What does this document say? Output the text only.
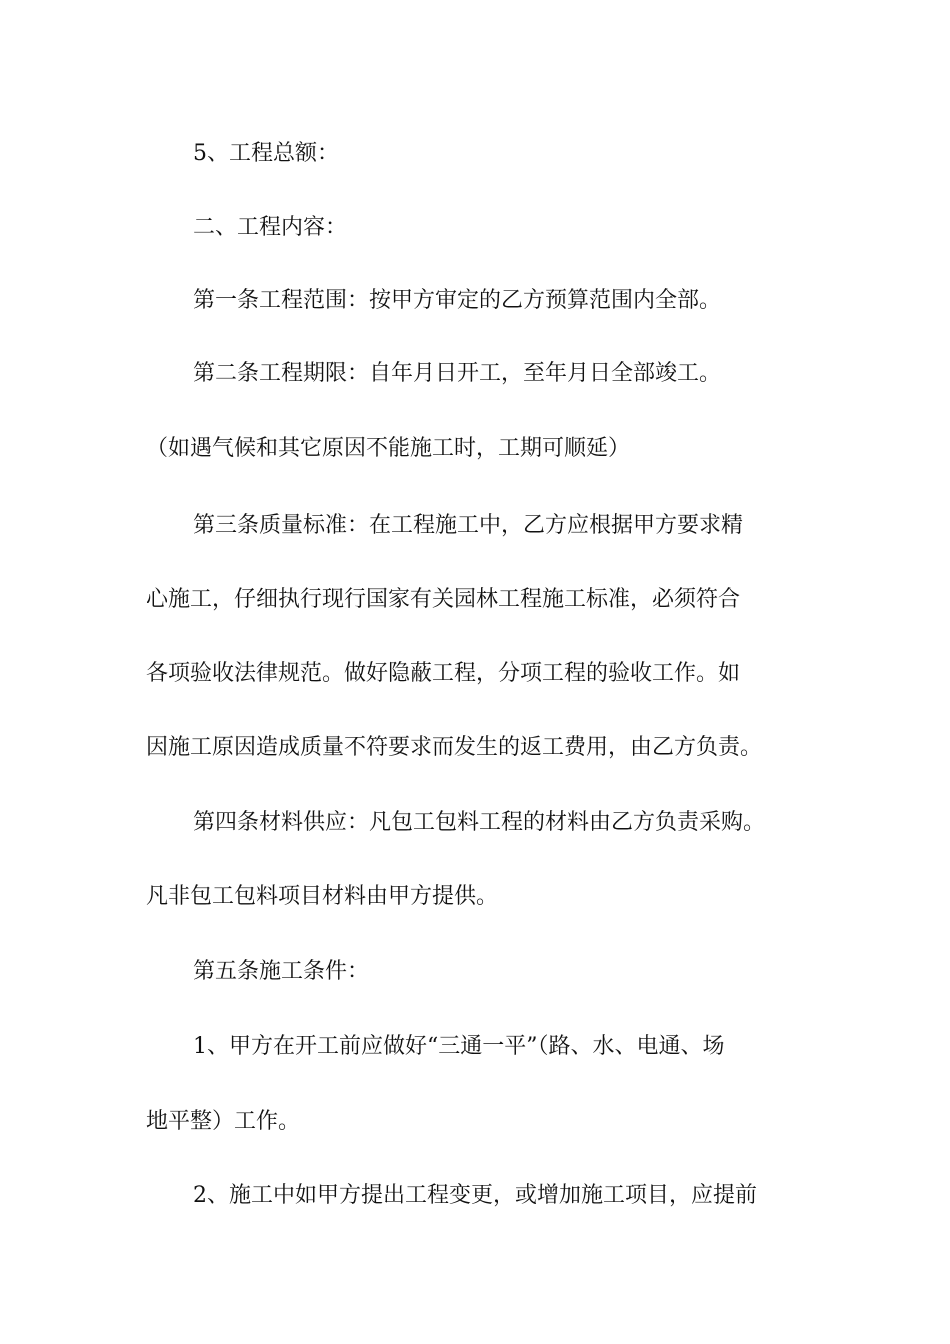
5、工程总额：

二、工程内容：

第一条工程范围：按甲方审定的乙方预算范围内全部。

第二条工程期限：自年月日开工，至年月日全部竣工。

（如遇气候和其它原因不能施工时，工期可顺延）

第三条质量标准：在工程施工中，乙方应根据甲方要求精

心施工，仔细执行现行国家有关园林工程施工标准，必须符合

各项验收法律规范。做好隐蔽工程，分项工程的验收工作。如

因施工原因造成质量不符要求而发生的返工费用，由乙方负责。

第四条材料供应：凡包工包料工程的材料由乙方负责采购。

凡非包工包料项目材料由甲方提供。

第五条施工条件：

1、甲方在开工前应做好“三通一平”（路、水、电通、场

地平整）工作。

2、施工中如甲方提出工程变更，或增加施工项目，应提前
